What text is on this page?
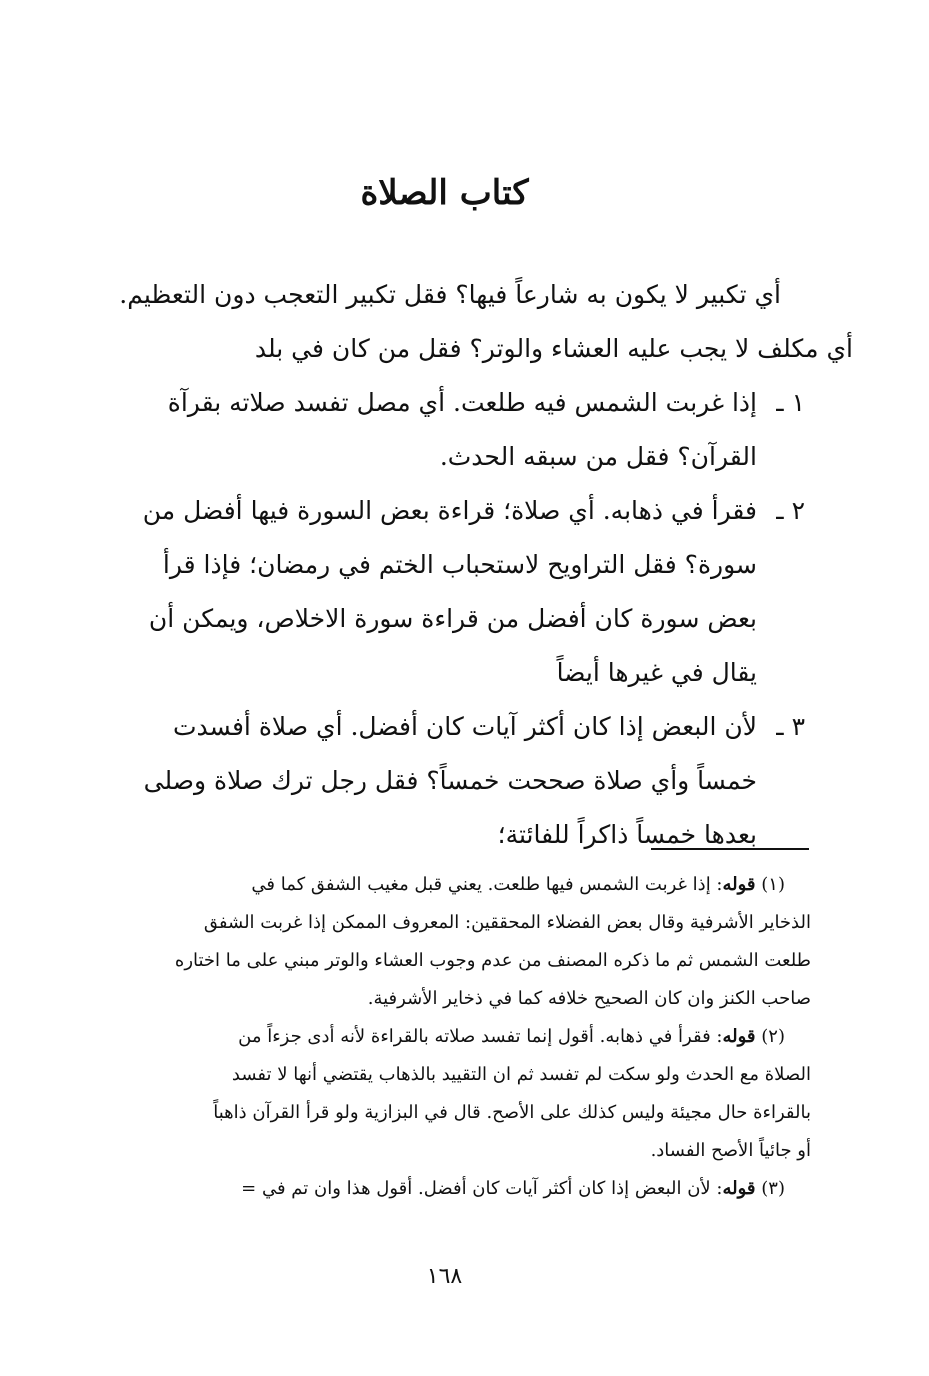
كتاب الصلاة
أي تكبير لا يكون به شارعاً فيها؟ فقل تكبير التعجب دون التعظيم.
أي مكلف لا يجب عليه العشاء والوتر؟ فقل من كان في بلد
١ ـ
إذا غربت الشمس فيه طلعت. أي مصل تفسد صلاته بقرآة
القرآن؟ فقل من سبقه الحدث.
٢ ـ
فقرأ في ذهابه. أي صلاة؛ قراءة بعض السورة فيها أفضل من
سورة؟ فقل التراويح لاستحباب الختم في رمضان؛ فإذا قرأ
بعض سورة كان أفضل من قراءة سورة الاخلاص، ويمكن أن
يقال في غيرها أيضاً
٣ ـ
لأن البعض إذا كان أكثر آيات كان أفضل. أي صلاة أفسدت
خمساً وأي صلاة صححت خمساً؟ فقل رجل ترك صلاة وصلى
بعدها خمساً ذاكراً للفائتة؛
(١) قوله: إذا غربت الشمس فيها طلعت. يعني قبل مغيب الشفق كما في
الذخاير الأشرفية وقال بعض الفضلاء المحققين: المعروف الممكن إذا غربت الشفق
طلعت الشمس ثم ما ذكره المصنف من عدم وجوب العشاء والوتر مبني على ما اختاره
صاحب الكنز وان كان الصحيح خلافه كما في ذخاير الأشرفية.
(٢) قوله: فقرأ في ذهابه. أقول إنما تفسد صلاته بالقراءة لأنه أدى جزءاً من
الصلاة مع الحدث ولو سكت لم تفسد ثم ان التقييد بالذهاب يقتضي أنها لا تفسد
بالقراءة حال مجيئة وليس كذلك على الأصح. قال في البزازية ولو قرأ القرآن ذاهباً
أو جائياً الأصح الفساد.
(٣) قوله: لأن البعض إذا كان أكثر آيات كان أفضل. أقول هذا وان تم في =
١٦٨
